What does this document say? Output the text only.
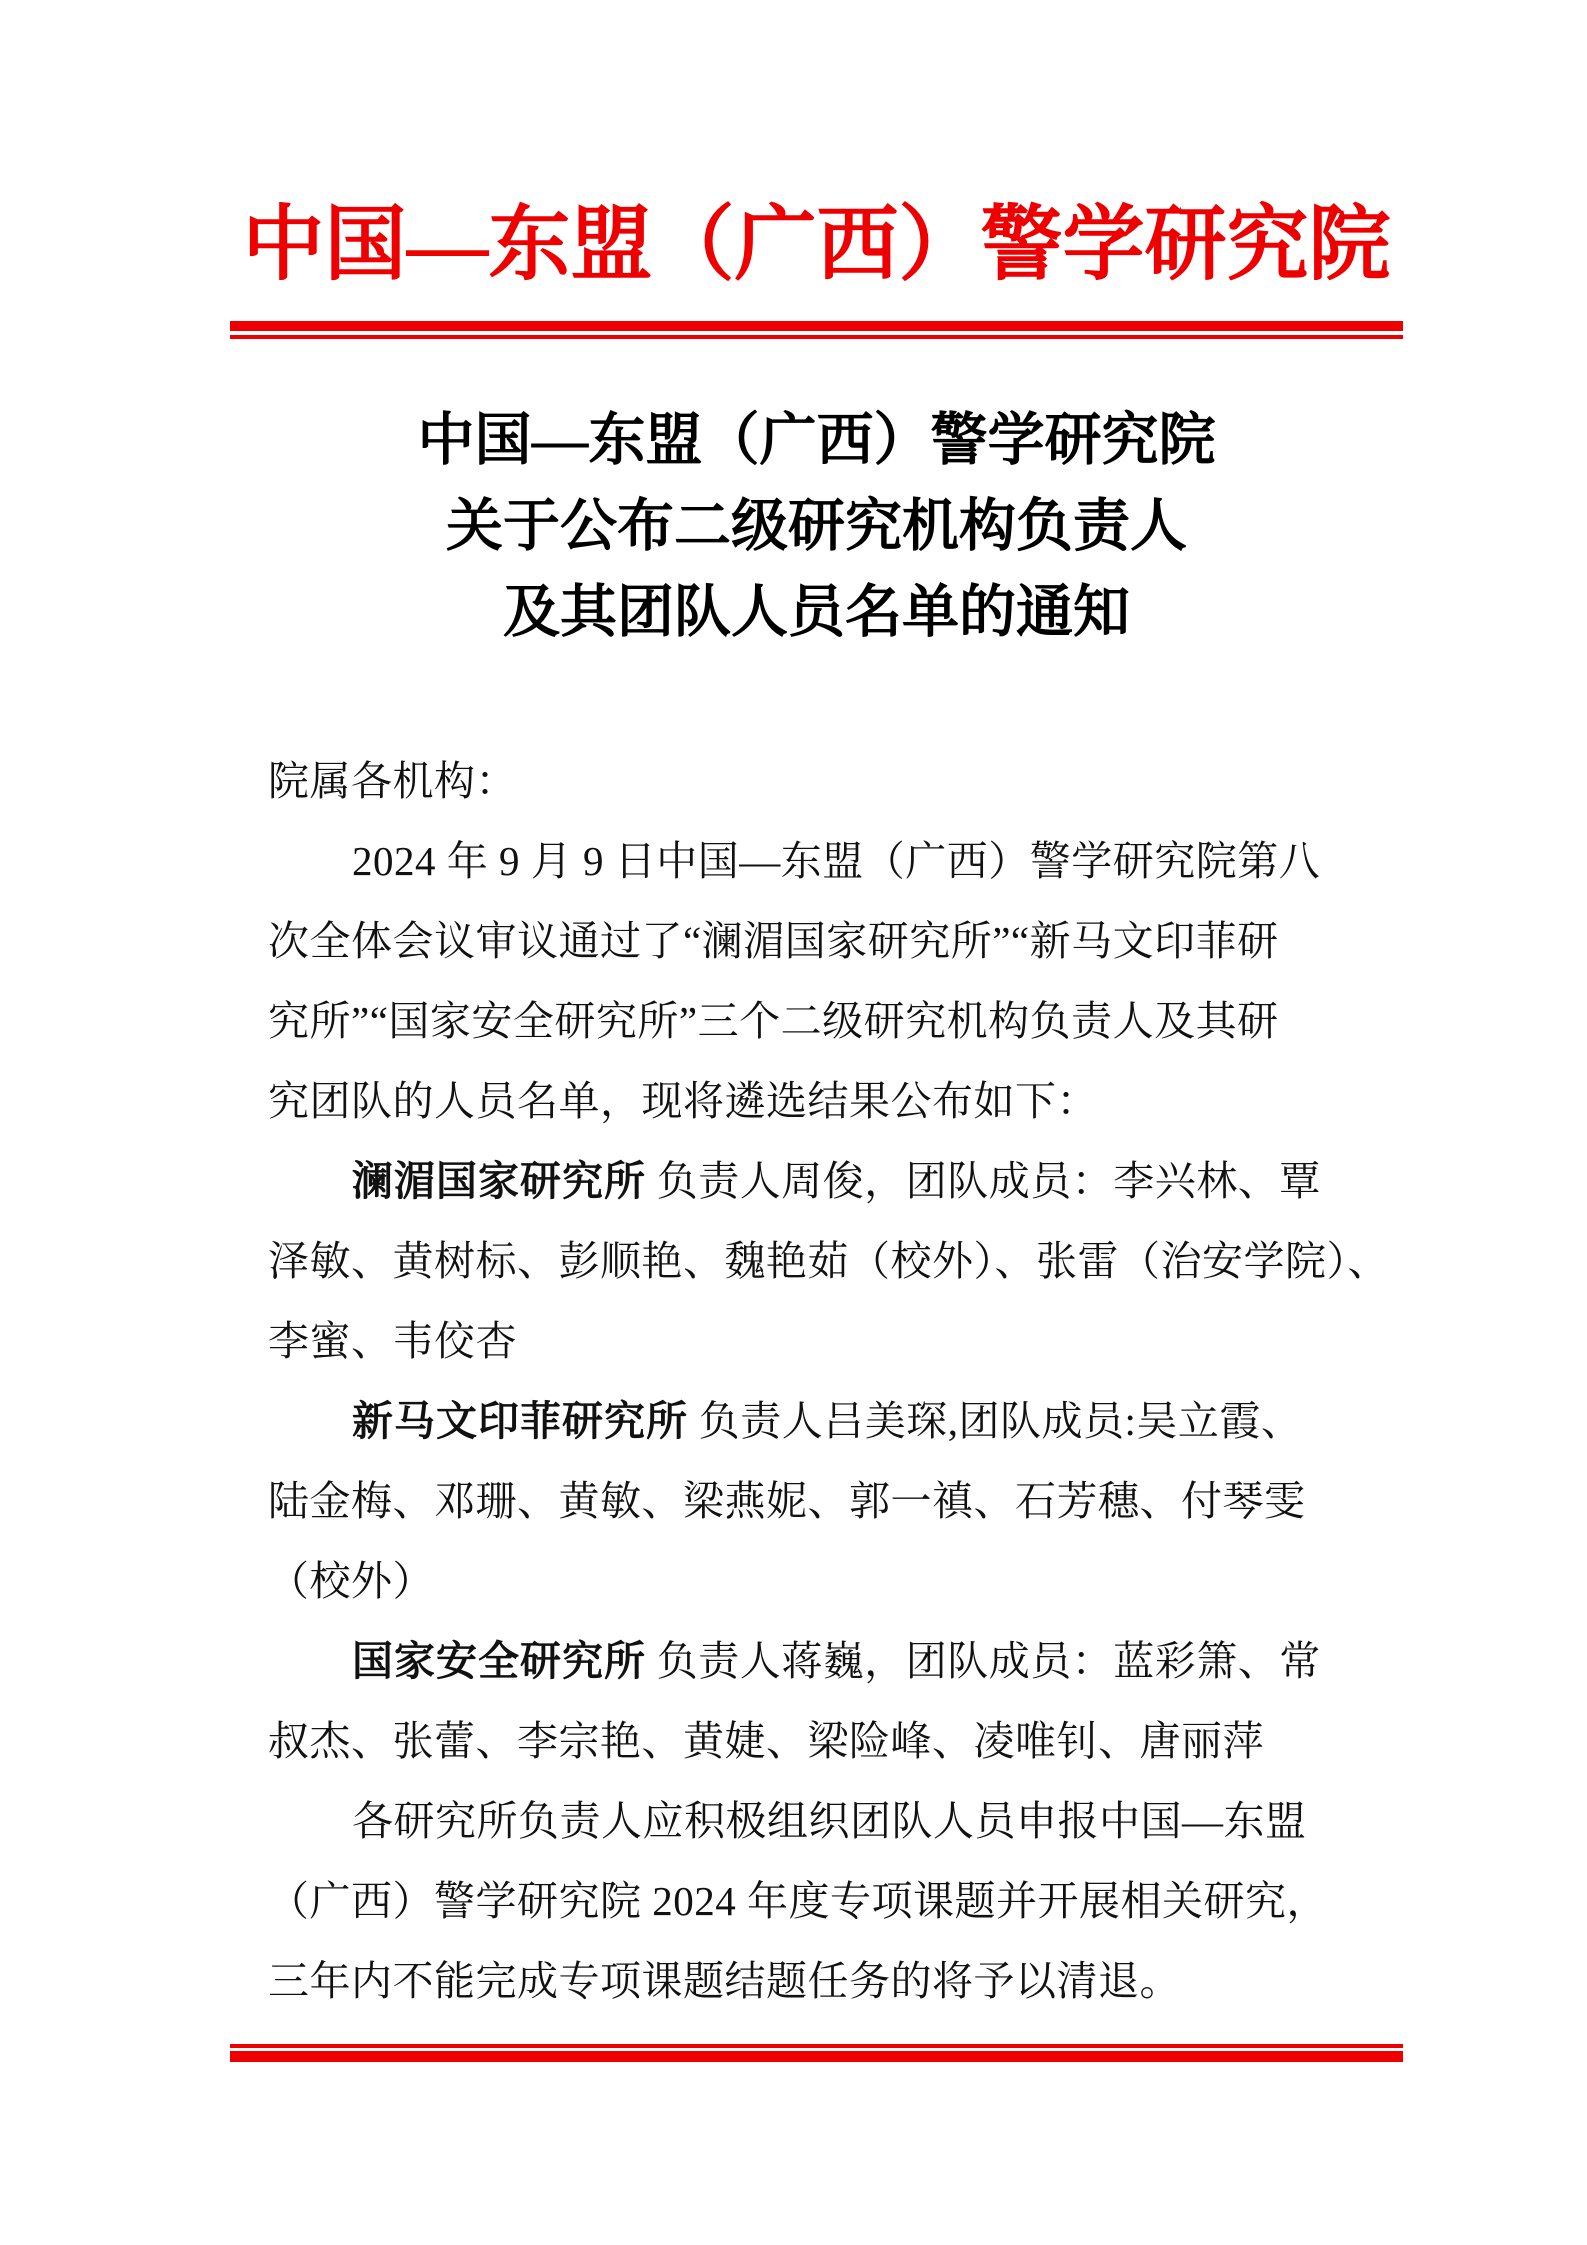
中国—东盟（广西）警学研究院
中国—东盟（广西）警学研究院
关于公布二级研究机构负责人
及其团队人员名单的通知
院属各机构：
2024 年 9 月 9 日中国—东盟（广西）警学研究院第八
次全体会议审议通过了“澜湄国家研究所”“新马文印菲研
究所”“国家安全研究所”三个二级研究机构负责人及其研
究团队的人员名单，现将遴选结果公布如下：
澜湄国家研究所 负责人周俊，团队成员：李兴林、覃
泽敏、黄树标、彭顺艳、魏艳茹（校外）、张雷（治安学院）、
李蜜、韦佼杏
新马文印菲研究所 负责人吕美琛,团队成员:吴立霞、
陆金梅、邓珊、黄敏、梁燕妮、郭一禛、石芳穗、付琴雯
（校外）
国家安全研究所 负责人蒋巍，团队成员：蓝彩箫、常
叔杰、张蕾、李宗艳、黄婕、梁险峰、凌唯钊、唐丽萍
各研究所负责人应积极组织团队人员申报中国—东盟
（广西）警学研究院 2024 年度专项课题并开展相关研究，
三年内不能完成专项课题结题任务的将予以清退。
